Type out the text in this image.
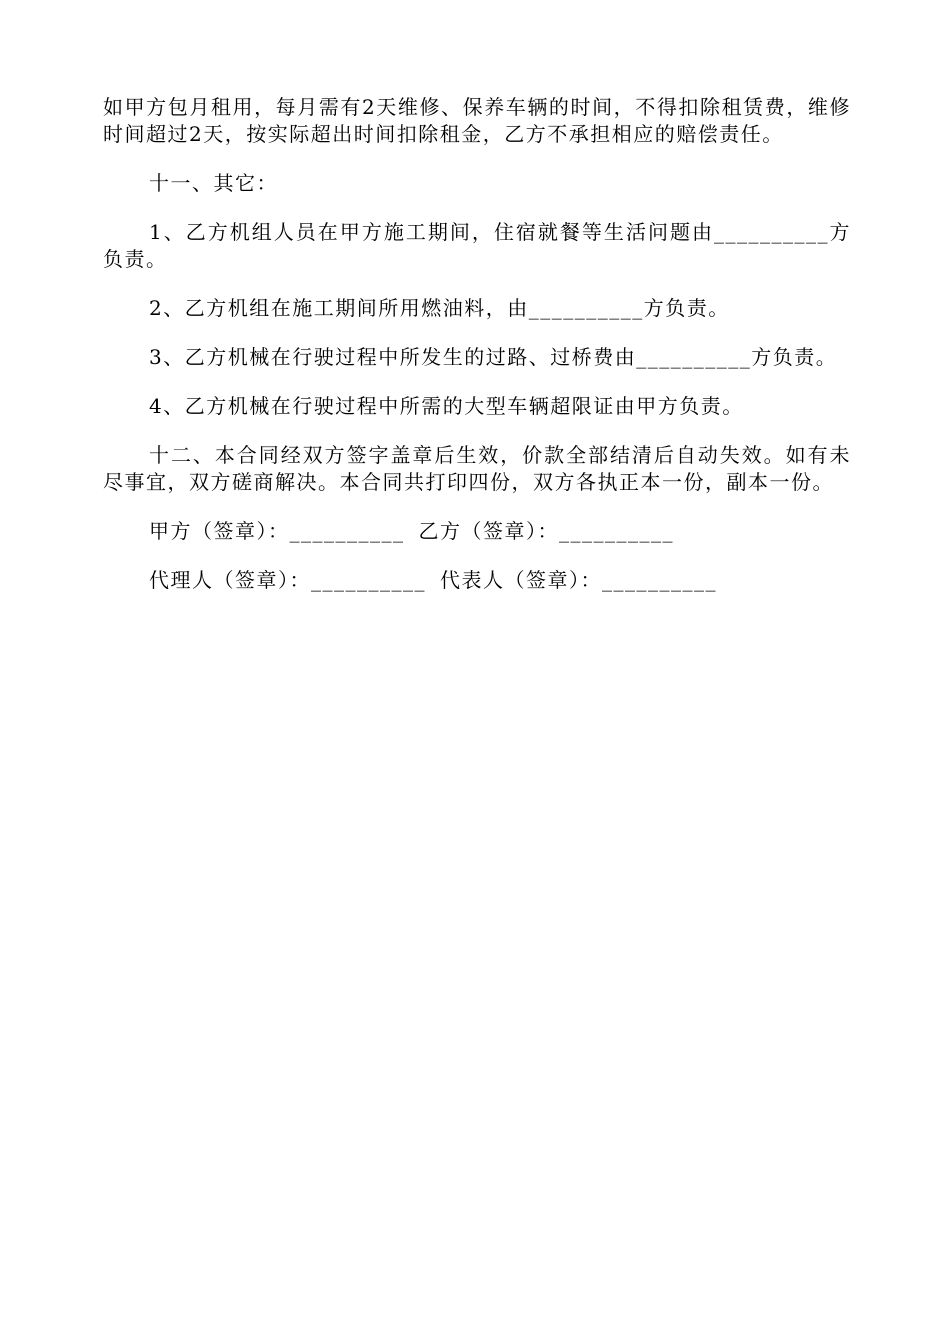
如甲方包月租用，每月需有2天维修、保养车辆的时间，不得扣除租赁费，维修时间超过2天，按实际超出时间扣除租金，乙方不承担相应的赔偿责任。

十一、其它：

1、乙方机组人员在甲方施工期间，住宿就餐等生活问题由__________方负责。

2、乙方机组在施工期间所用燃油料，由__________方负责。

3、乙方机械在行驶过程中所发生的过路、过桥费由__________方负责。

4、乙方机械在行驶过程中所需的大型车辆超限证由甲方负责。

十二、本合同经双方签字盖章后生效，价款全部结清后自动失效。如有未尽事宜，双方磋商解决。本合同共打印四份，双方各执正本一份，副本一份。

甲方（签章）：__________ 乙方（签章）：__________
代理人（签章）：__________ 代表人（签章）：__________
